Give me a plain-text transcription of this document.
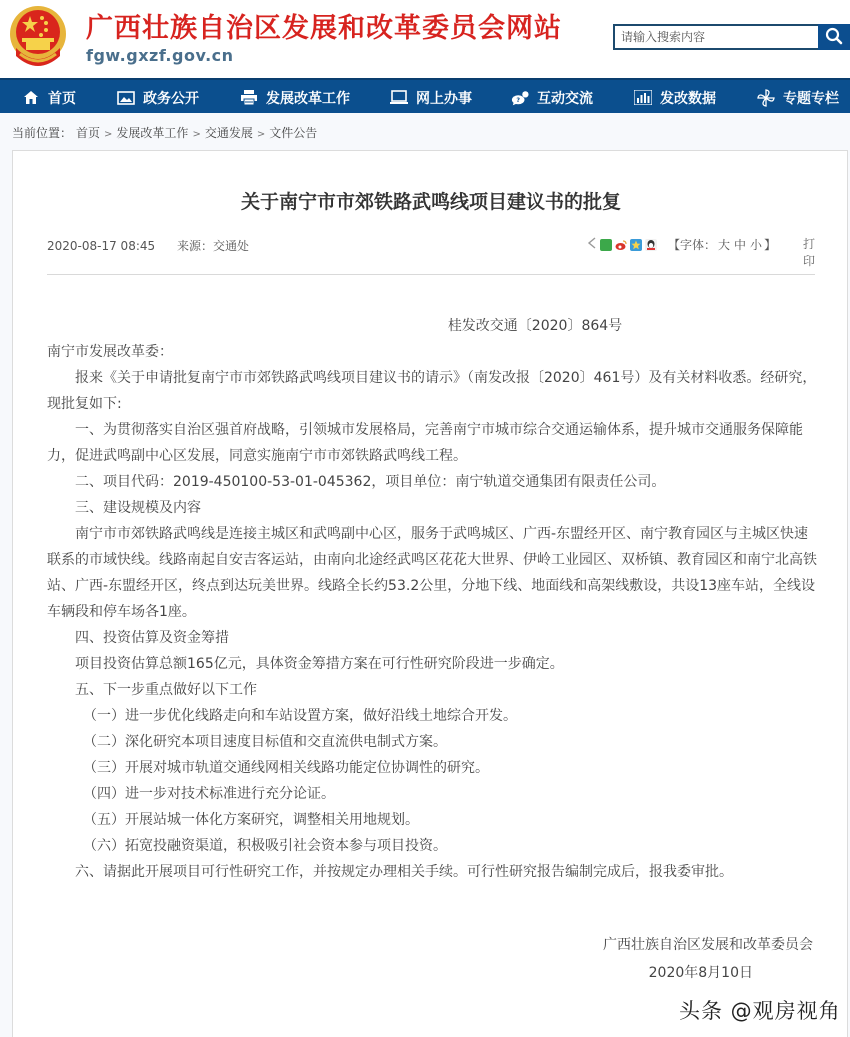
广西壮族自治区发展和改革委员会网站
fgw.gxzf.gov.cn
请输入搜索内容
首页	政务公开	发展改革工作	网上办事	? 互动交流	发改数据	专题专栏
当前位置： 首页 > 发展改革工作 > 交通发展 > 文件公告
关于南宁市市郊铁路武鸣线项目建议书的批复
2020-08-17 08:45 来源：交通处	【字体： 大 中 小 】 打印
桂发改交通〔2020〕864号

南宁市发展改革委：

报来《关于申请批复南宁市市郊铁路武鸣线项目建议书的请示》（南发改报〔2020〕461号）及有关材料收悉。经研究，现批复如下:

一、为贯彻落实自治区强首府战略，引领城市发展格局，完善南宁市城市综合交通运输体系，提升城市交通服务保障能力，促进武鸣副中心区发展，同意实施南宁市市郊铁路武鸣线工程。

二、项目代码：2019-450100-53-01-045362，项目单位：南宁轨道交通集团有限责任公司。

三、建设规模及内容

南宁市市郊铁路武鸣线是连接主城区和武鸣副中心区，服务于武鸣城区、广西-东盟经开区、南宁教育园区与主城区快速联系的市域快线。线路南起自安吉客运站，由南向北途经武鸣区花花大世界、伊岭工业园区、双桥镇、教育园区和南宁北高铁站、广西-东盟经开区，终点到达玩美世界。线路全长约53.2公里，分地下线、地面线和高架线敷设，共设13座车站，全线设车辆段和停车场各1座。

四、投资估算及资金筹措

项目投资估算总额165亿元，具体资金筹措方案在可行性研究阶段进一步确定。

五、下一步重点做好以下工作

（一）进一步优化线路走向和车站设置方案，做好沿线土地综合开发。

（二）深化研究本项目速度目标值和交直流供电制式方案。

（三）开展对城市轨道交通线网相关线路功能定位协调性的研究。

（四）进一步对技术标准进行充分论证。

（五）开展站城一体化方案研究，调整相关用地规划。

（六）拓宽投融资渠道，积极吸引社会资本参与项目投资。

六、请据此开展项目可行性研究工作，并按规定办理相关手续。可行性研究报告编制完成后，报我委审批。

广西壮族自治区发展和改革委员会
2020年8月10日
头条 @观房视角
